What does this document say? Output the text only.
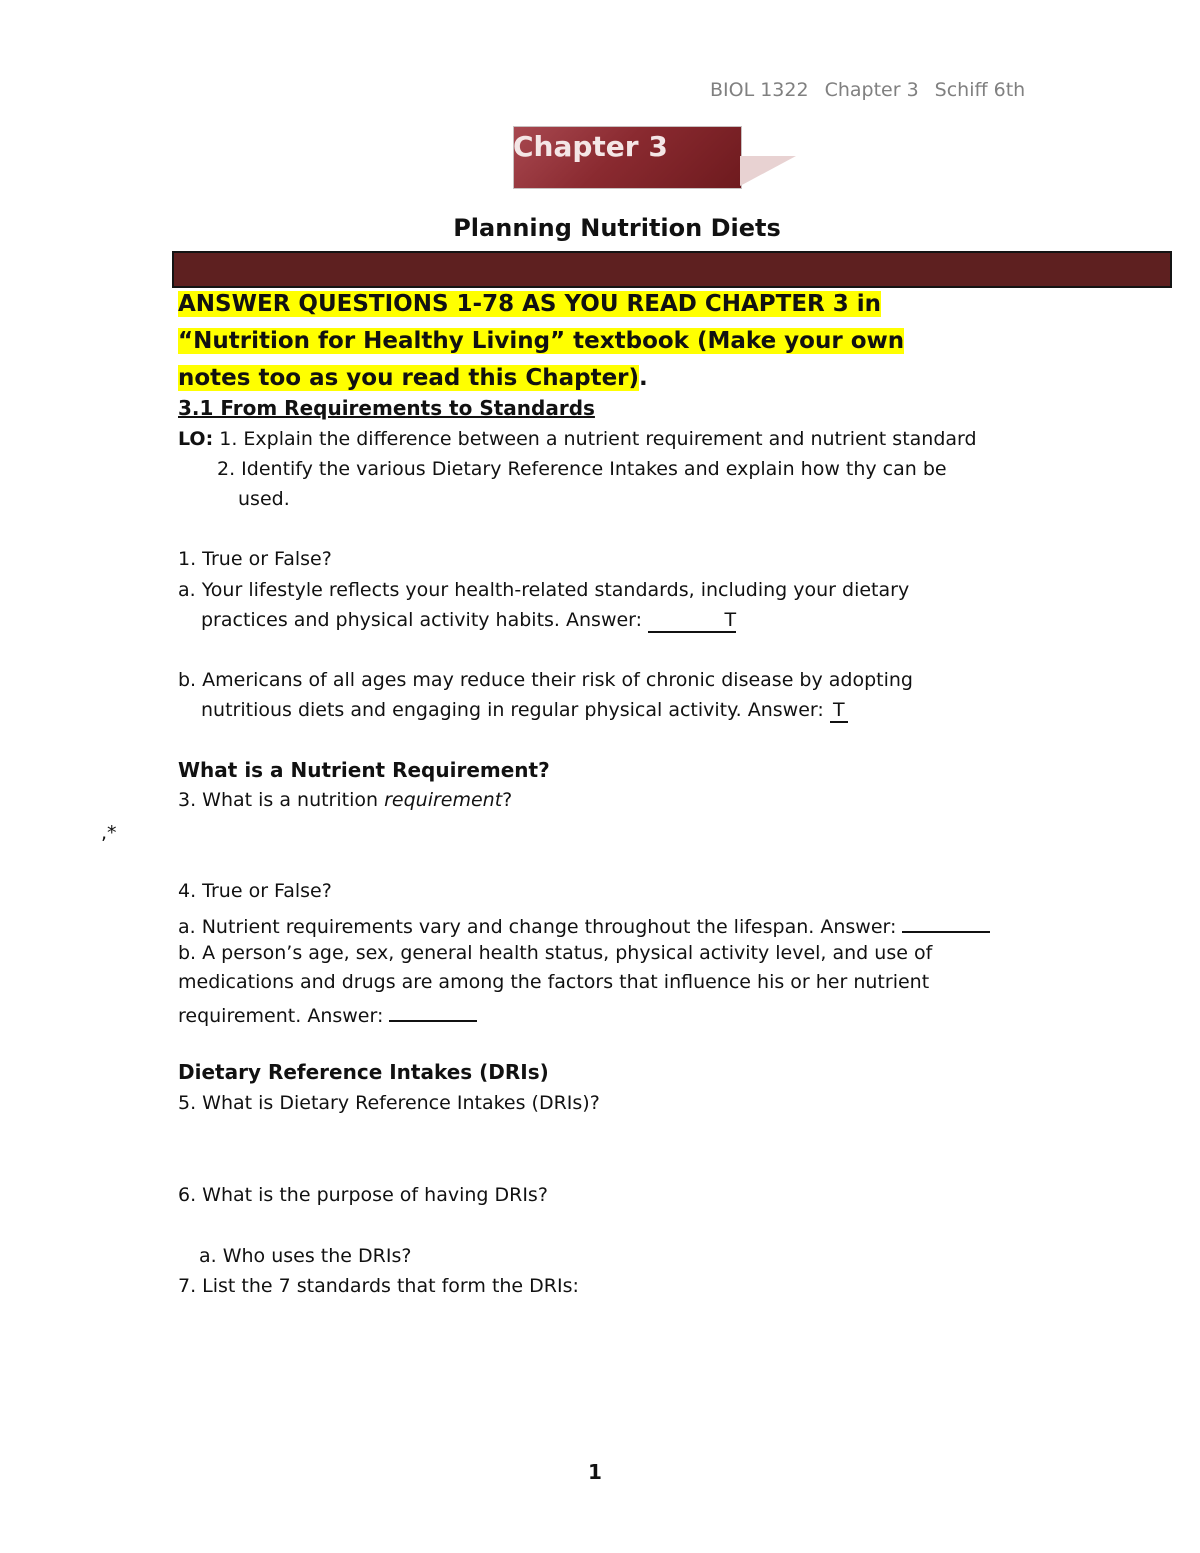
BIOL 1322 Chapter 3 Schiff 6th
Chapter 3
Planning Nutrition Diets
ANSWER QUESTIONS 1-78 AS YOU READ CHAPTER 3 in “Nutrition for Healthy Living” textbook (Make your own notes too as you read this Chapter).
3.1 From Requirements to Standards
LO: 1. Explain the difference between a nutrient requirement and nutrient standard
2. Identify the various Dietary Reference Intakes and explain how thy can be
used.
1. True or False?
a. Your lifestyle reflects your health-related standards, including your dietary
practices and physical activity habits. Answer:	T
b. Americans of all ages may reduce their risk of chronic disease by adopting
nutritious diets and engaging in regular physical activity. Answer: T
What is a Nutrient Requirement?
3. What is a nutrition requirement?
,*
4. True or False?
a. Nutrient requirements vary and change throughout the lifespan. Answer:
b. A person’s age, sex, general health status, physical activity level, and use of
medications and drugs are among the factors that influence his or her nutrient
requirement. Answer:
Dietary Reference Intakes (DRIs)
5. What is Dietary Reference Intakes (DRIs)?
6. What is the purpose of having DRIs?
a. Who uses the DRIs?
7. List the 7 standards that form the DRIs:
1
